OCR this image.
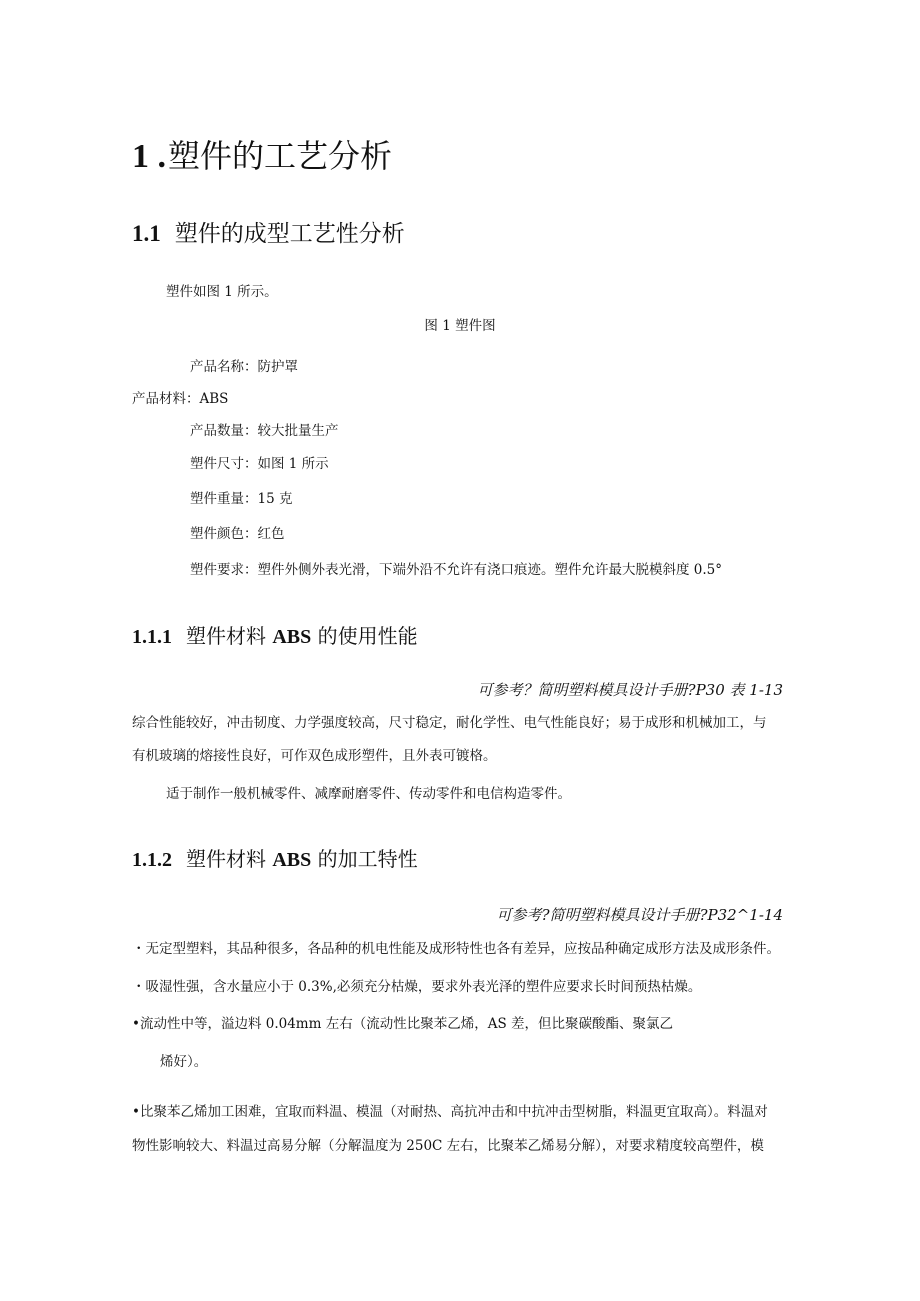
1 .塑件的工艺分析
1.1 塑件的成型工艺性分析
塑件如图 1 所示。
图 1 塑件图
产品名称：防护罩
产品材料：ABS
产品数量：较大批量生产
塑件尺寸：如图 1 所示
塑件重量：15 克
塑件颜色：红色
塑件要求：塑件外侧外表光滑，下端外沿不允许有浇口痕迹。塑件允许最大脱模斜度 0.5°
1.1.1 塑件材料 ABS 的使用性能
可参考？简明塑料模具设计手册?P30 表 1-13
综合性能较好，冲击韧度、力学强度较高，尺寸稳定，耐化学性、电气性能良好；易于成形和机械加工，与
有机玻璃的熔接性良好，可作双色成形塑件，且外表可镀格。
适于制作一般机械零件、减摩耐磨零件、传动零件和电信构造零件。
1.1.2 塑件材料 ABS 的加工特性
可参考?简明塑料模具设计手册?P32^1-14
・无定型塑料，其品种很多，各品种的机电性能及成形特性也各有差异，应按品种确定成形方法及成形条件。
・吸湿性强，含水量应小于 0.3%,必须充分枯燥，要求外表光泽的塑件应要求长时间预热枯燥。
•流动性中等，溢边料 0.04mm 左右（流动性比聚苯乙烯，AS 差，但比聚碳酸酯、聚氯乙
烯好）。
•比聚苯乙烯加工困难，宜取而料温、模温（对耐热、高抗冲击和中抗冲击型树脂，料温更宜取高）。料温对
物性影响较大、料温过高易分解（分解温度为 250C 左右，比聚苯乙烯易分解），对要求精度较高塑件，模
